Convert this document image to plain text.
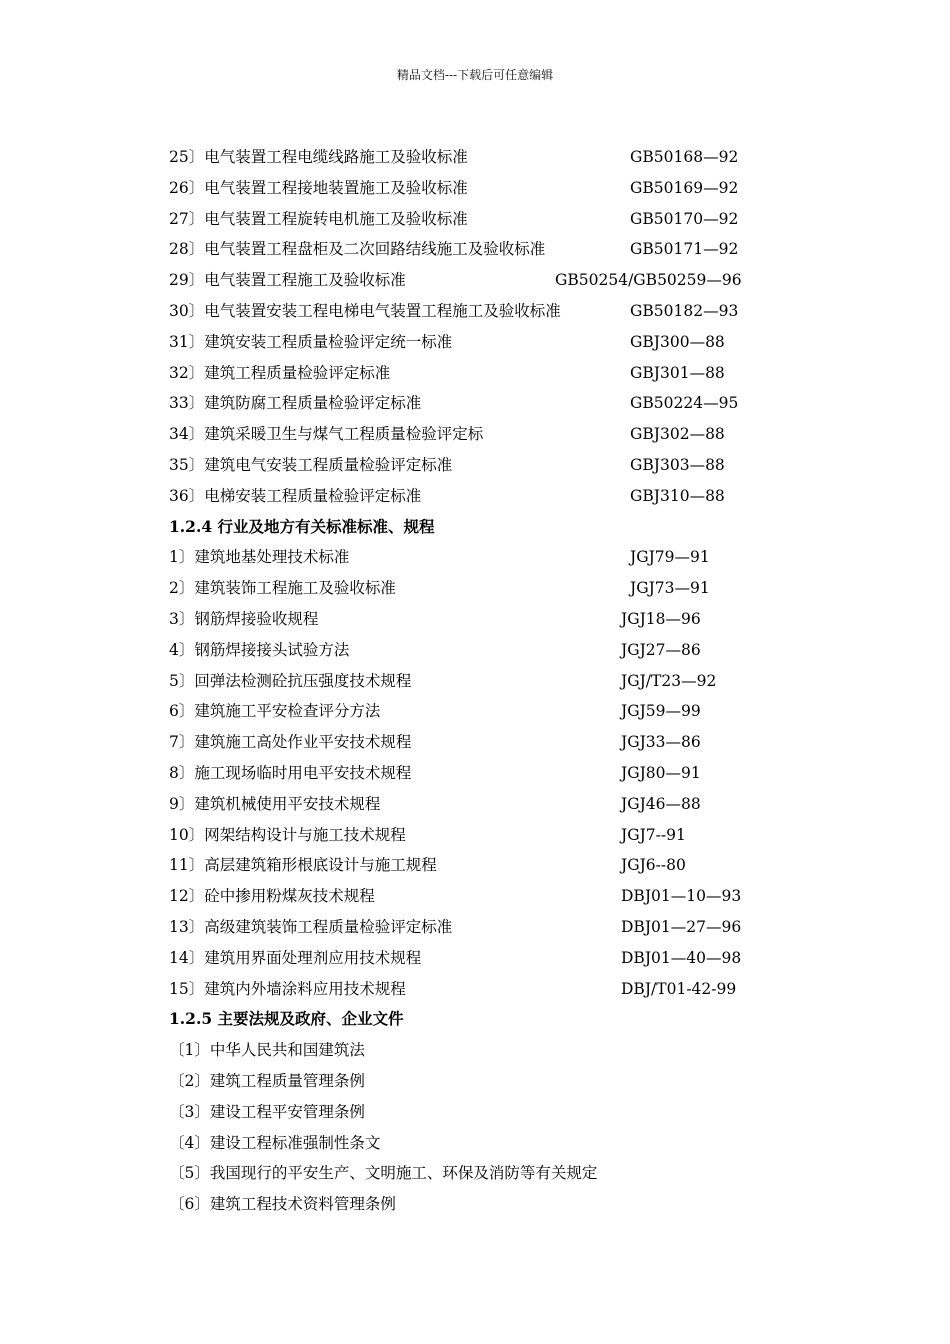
精品文档---下载后可任意编辑
25〕电气装置工程电缆线路施工及验收标准	GB50168—92
26〕电气装置工程接地装置施工及验收标准	GB50169—92
27〕电气装置工程旋转电机施工及验收标准	GB50170—92
28〕电气装置工程盘柜及二次回路结线施工及验收标准	GB50171—92
29〕电气装置工程施工及验收标准	GB50254/GB50259—96
30〕电气装置安装工程电梯电气装置工程施工及验收标准	GB50182—93
31〕建筑安装工程质量检验评定统一标准	GBJ300—88
32〕建筑工程质量检验评定标准	GBJ301—88
33〕建筑防腐工程质量检验评定标准	GB50224—95
34〕建筑采暖卫生与煤气工程质量检验评定标	GBJ302—88
35〕建筑电气安装工程质量检验评定标准	GBJ303—88
36〕电梯安装工程质量检验评定标准	GBJ310—88
1.2.4 行业及地方有关标准标准、规程
1〕建筑地基处理技术标准	JGJ79—91
2〕建筑装饰工程施工及验收标准	JGJ73—91
3〕钢筋焊接验收规程	JGJ18—96
4〕钢筋焊接接头试验方法	JGJ27—86
5〕回弹法检测砼抗压强度技术规程	JGJ/T23—92
6〕建筑施工平安检查评分方法	JGJ59—99
7〕建筑施工高处作业平安技术规程	JGJ33—86
8〕施工现场临时用电平安技术规程	JGJ80—91
9〕建筑机械使用平安技术规程	JGJ46—88
10〕网架结构设计与施工技术规程	JGJ7--91
11〕高层建筑箱形根底设计与施工规程	JGJ6--80
12〕砼中掺用粉煤灰技术规程	DBJ01—10—93
13〕高级建筑装饰工程质量检验评定标准	DBJ01—27—96
14〕建筑用界面处理剂应用技术规程	DBJ01—40—98
15〕建筑内外墙涂料应用技术规程	DBJ/T01-42-99
1.2.5 主要法规及政府、企业文件
〔1〕中华人民共和国建筑法
〔2〕建筑工程质量管理条例
〔3〕建设工程平安管理条例
〔4〕建设工程标准强制性条文
〔5〕我国现行的平安生产、文明施工、环保及消防等有关规定
〔6〕建筑工程技术资料管理条例
